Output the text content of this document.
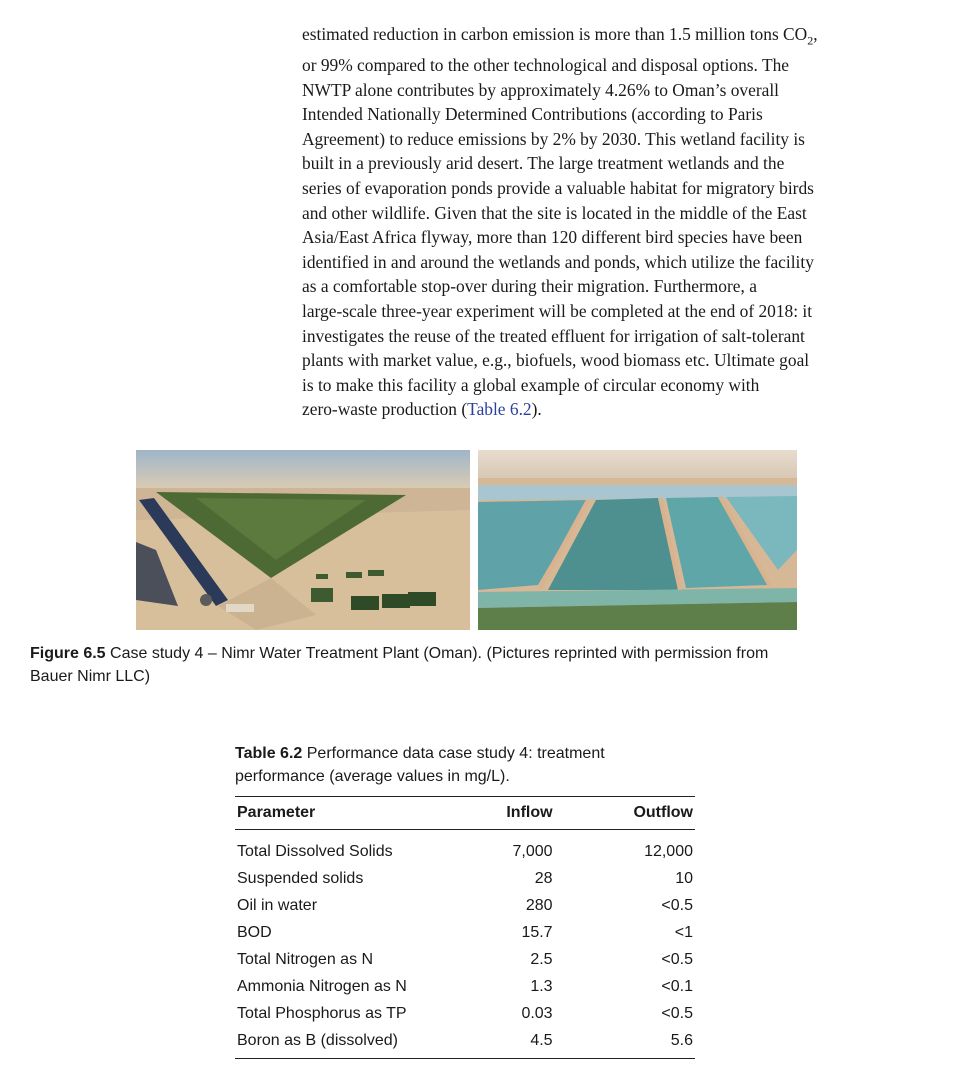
estimated reduction in carbon emission is more than 1.5 million tons $CO_2$,
or 99% compared to the other technological and disposal options. The
NWTP alone contributes by approximately 4.26% to Oman’s overall
Intended Nationally Determined Contributions (according to Paris
Agreement) to reduce emissions by 2% by 2030. This wetland facility is
built in a previously arid desert. The large treatment wetlands and the
series of evaporation ponds provide a valuable habitat for migratory birds
and other wildlife. Given that the site is located in the middle of the East
Asia/East Africa flyway, more than 120 different bird species have been
identified in and around the wetlands and ponds, which utilize the facility
as a comfortable stop-over during their migration. Furthermore, a
large-scale three-year experiment will be completed at the end of 2018: it
investigates the reuse of the treated effluent for irrigation of salt-tolerant
plants with market value, e.g., biofuels, wood biomass etc. Ultimate goal
is to make this facility a global example of circular economy with
zero-waste production (Table 6.2).
Figure 6.5 Case study 4 – Nimr Water Treatment Plant (Oman). (Pictures reprinted with permission from
Bauer Nimr LLC)
Table 6.2 Performance data case study 4: treatment
performance (average values in mg/L).
Parameter	Inflow	Outflow
Total Dissolved Solids	7,000	12,000
Suspended solids	28	10
Oil in water	280	<0.5
BOD	15.7	<1
Total Nitrogen as N	2.5	<0.5
Ammonia Nitrogen as N	1.3	<0.1
Total Phosphorus as TP	0.03	<0.5
Boron as B (dissolved)	4.5	5.6
